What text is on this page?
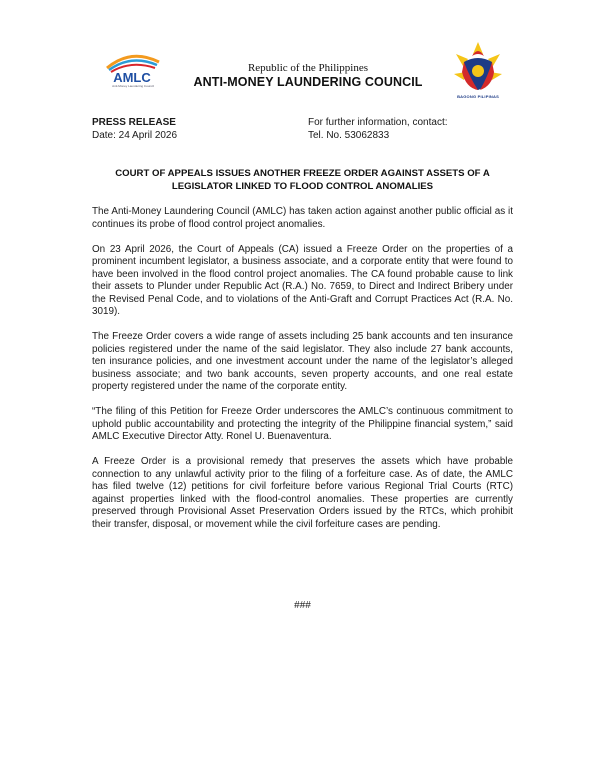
AMLC
Anti-Money Laundering Council
Republic of the Philippines
ANTI-MONEY LAUNDERING COUNCIL
BAGONG PILIPINAS
PRESS RELEASE
Date: 24 April 2026
For further information, contact:
Tel. No. 53062833
COURT OF APPEALS ISSUES ANOTHER FREEZE ORDER AGAINST ASSETS OF A LEGISLATOR LINKED TO FLOOD CONTROL ANOMALIES

The Anti-Money Laundering Council (AMLC) has taken action against another public official as it continues its probe of flood control project anomalies.

On 23 April 2026, the Court of Appeals (CA) issued a Freeze Order on the properties of a prominent incumbent legislator, a business associate, and a corporate entity that were found to have been involved in the flood control project anomalies. The CA found probable cause to link their assets to Plunder under Republic Act (R.A.) No. 7659, to Direct and Indirect Bribery under the Revised Penal Code, and to violations of the Anti-Graft and Corrupt Practices Act (R.A. No. 3019).

The Freeze Order covers a wide range of assets including 25 bank accounts and ten insurance policies registered under the name of the said legislator. They also include 27 bank accounts, ten insurance policies, and one investment account under the name of the legislator’s alleged business associate; and two bank accounts, seven property accounts, and one real estate property registered under the name of the corporate entity.

“The filing of this Petition for Freeze Order underscores the AMLC’s continuous commitment to uphold public accountability and protecting the integrity of the Philippine financial system,” said AMLC Executive Director Atty. Ronel U. Buenaventura.

A Freeze Order is a provisional remedy that preserves the assets which have probable connection to any unlawful activity prior to the filing of a forfeiture case. As of date, the AMLC has filed twelve (12) petitions for civil forfeiture before various Regional Trial Courts (RTC) against properties linked with the flood-control anomalies. These properties are currently preserved through Provisional Asset Preservation Orders issued by the RTCs, which prohibit their transfer, disposal, or movement while the civil forfeiture cases are pending.

###
